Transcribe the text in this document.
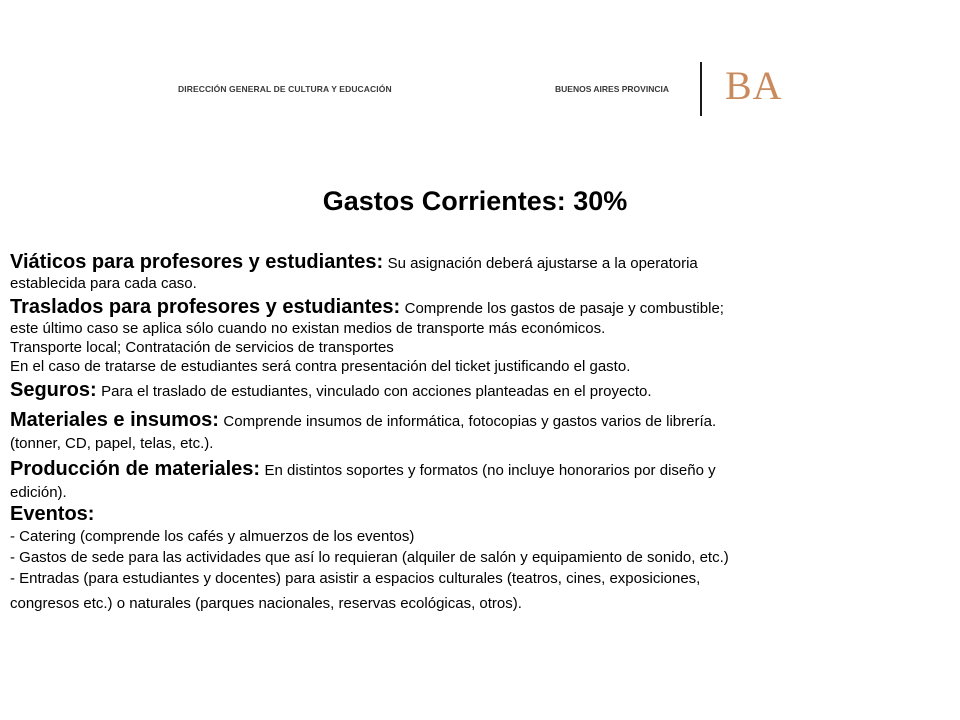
DIRECCIÓN GENERAL DE CULTURA Y EDUCACIÓN	BUENOS AIRES PROVINCIA BA
Gastos Corrientes: 30%
Viáticos para profesores y estudiantes: Su asignación deberá ajustarse a la operatoria
establecida para cada caso.
Traslados para profesores y estudiantes: Comprende los gastos de pasaje y combustible;
este último caso se aplica sólo cuando no existan medios de transporte más económicos.
Transporte local; Contratación de servicios de transportes
En el caso de tratarse de estudiantes será contra presentación del ticket justificando el gasto.
Seguros: Para el traslado de estudiantes, vinculado con acciones planteadas en el proyecto.
Materiales e insumos: Comprende insumos de informática, fotocopias y gastos varios de librería.
(tonner, CD, papel, telas, etc.).
Producción de materiales: En distintos soportes y formatos (no incluye honorarios por diseño y
edición).
Eventos:
- Catering (comprende los cafés y almuerzos de los eventos)
- Gastos de sede para las actividades que así lo requieran (alquiler de salón y equipamiento de sonido, etc.)
- Entradas (para estudiantes y docentes) para asistir a espacios culturales (teatros, cines, exposiciones,
congresos etc.) o naturales (parques nacionales, reservas ecológicas, otros).
